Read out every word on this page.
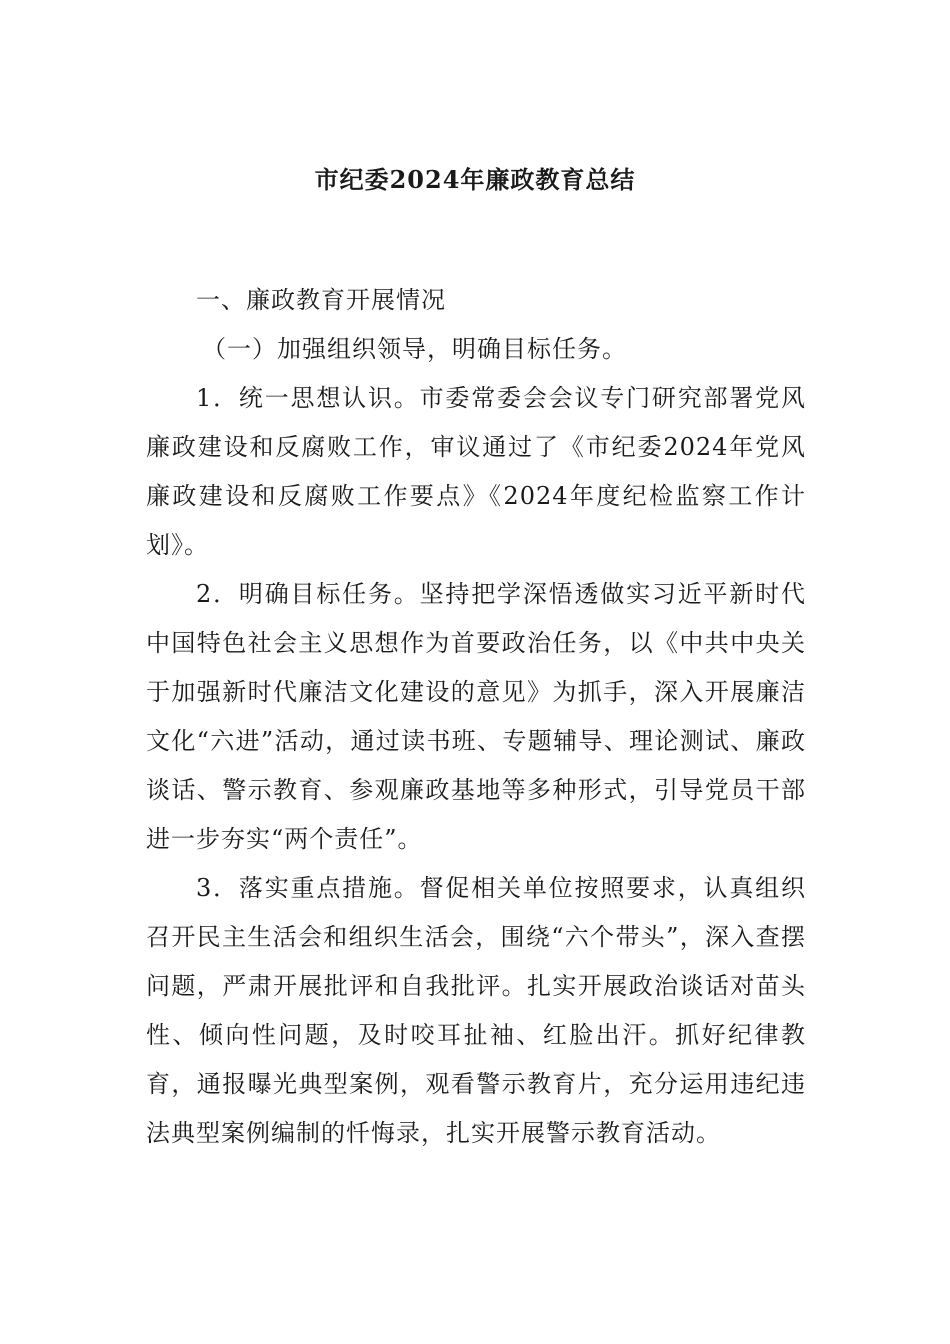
市纪委2024年廉政教育总结

一、廉政教育开展情况

（一）加强组织领导，明确目标任务。

1．统一思想认识。市委常委会会议专门研究部署党风廉政建设和反腐败工作，审议通过了《市纪委2024年党风廉政建设和反腐败工作要点》《2024年度纪检监察工作计划》。

2．明确目标任务。坚持把学深悟透做实习近平新时代中国特色社会主义思想作为首要政治任务，以《中共中央关于加强新时代廉洁文化建设的意见》为抓手，深入开展廉洁文化“六进”活动，通过读书班、专题辅导、理论测试、廉政谈话、警示教育、参观廉政基地等多种形式，引导党员干部进一步夯实“两个责任”。

3．落实重点措施。督促相关单位按照要求，认真组织召开民主生活会和组织生活会，围绕“六个带头”，深入查摆问题，严肃开展批评和自我批评。扎实开展政治谈话对苗头性、倾向性问题，及时咬耳扯袖、红脸出汗。抓好纪律教育，通报曝光典型案例，观看警示教育片，充分运用违纪违法典型案例编制的忏悔录，扎实开展警示教育活动。
